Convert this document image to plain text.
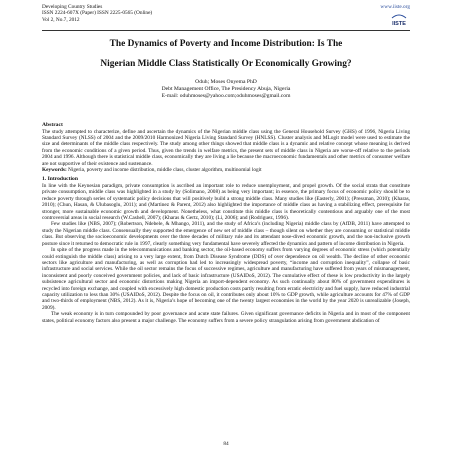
Developing Country Studies
ISSN 2224-607X (Paper) ISSN 2225-0565 (Online)
Vol 2, No.7, 2012
www.iiste.org
IISTE
The Dynamics of Poverty and Income Distribution: Is The
Nigerian Middle Class Statistically Or Economically Growing?
Oduh; Moses Onyema PhD
Debt Management Office, The Presidency Abuja, Nigeria
E-mail: oduhmoses@yahoo.com;oduhmoses@gmail.com
Abstract

The study attempted to characterize, define and ascertain the dynamics of the Nigerian middle class using the General Household Survey (GHS) of 1996, Nigeria Living Standard Survey (NLSS) of 2004 and the 2009/2010 Harmonized Nigeria Living Standard Survey (HNLSS). Cluster analysis and MLogit model were used to estimate the size and determinants of the middle class respectively. The study among other things showed that middle class is a dynamic and relative concept whose meaning is derived from the economic conditions of a given period. Thus, given the trends in welfare metrics, the present sets of middle class in Nigeria are worse-off relative to the periods 2004 and 1996. Although there is statistical middle class, economically they are living a lie because the macroeconomic fundamentals and other metrics of consumer welfare are not supportive of their existence and sustenance.

Keywords: Nigeria, poverty and income distribution, middle class, cluster algorithm, multinomial logit

1. Introduction

In line with the Keynesian paradigm, private consumption is ascribed an important role to reduce unemployment, and propel growth. Of the social strata that constitute private consumption, middle class was highlighted in a study by (Solimano, 2008) as being very important; in essence, the primary focus of economic policy should be to reduce poverty through series of systematic policy decisions that will positively build a strong middle class. Many studies like (Easterly, 2001); (Pressman, 2010); (Kharas, 2010); (Chun, Hasan, & Ulubasoglu, 2011); and (Martinez & Parent, 2012) also highlighted the importance of middle class as having a stabilizing effect, prerequisite for stronger, more sustainable economic growth and development. Nonetheless, what constitute this middle class is theoretically contentious and arguably one of the most controversial areas in social research (W.Cashell, 2007); (Kharas & Gertz, 2010); (Li, 2006); and (Rodriguez, 1996).

Few studies like (NBS, 2007); (Robertson, Ndebele, & Mhango, 2011), and the study of Africa’s (including Nigeria) middle class by (AfDB, 2011) have attempted to study the Nigerian middle class. Consensually they supported the emergence of new set of middle class – though silent on whether they are consuming or statistical middle class. But observing the socioeconomic developments over the three decades of military rule and its attendant nose-dived economic growth, and the non-inclusive growth posture since it returned to democratic rule in 1997, clearly something very fundamental have severely affected the dynamics and pattern of income distribution in Nigeria.

In spite of the progress made in the telecommunications and banking sector, the oil-based economy suffers from varying degrees of economic stress (which potentially could extinguish the middle class) arising to a very large extent, from Dutch Disease Syndrome (DDS) of over dependence on oil wealth. The decline of other economic sectors like agriculture and manufacturing, as well as corruption had led to increasingly widespread poverty, “income and corruption inequality”, collapse of basic infrastructure and social services. While the oil sector remains the focus of successive regimes, agriculture and manufacturing have suffered from years of mismanagement, inconsistent and poorly conceived government policies, and lack of basic infrastructure (USAIDoS, 2012). The cumulative effect of these is low productivity in the largely subsistence agricultural sector and economic distortions making Nigeria an import-dependent economy. As such continually about 80% of government expenditures is recycled into foreign exchange, and coupled with excessively high domestic production costs partly resulting from erratic electricity and fuel supply, have reduced industrial capacity utilization to less than 30% (USAIDoS, 2012). Despite the focus on oil, it contributes only about 10% to GDP growth, while agriculture accounts for 47% of GDP and two-thirds of employment (NBS, 2012). As it is, Nigeria’s hope of becoming one of the twenty largest economies in the world by the year 2020 is unrealizable (Joseph, 2009).

The weak economy is in turn compounded by poor governance and acute state failures. Given significant governance deficits in Nigeria and in most of the component states, political economy factors also present a major challenge. The economy suffers from a severe policy strangulation arising from government abdication of

84
